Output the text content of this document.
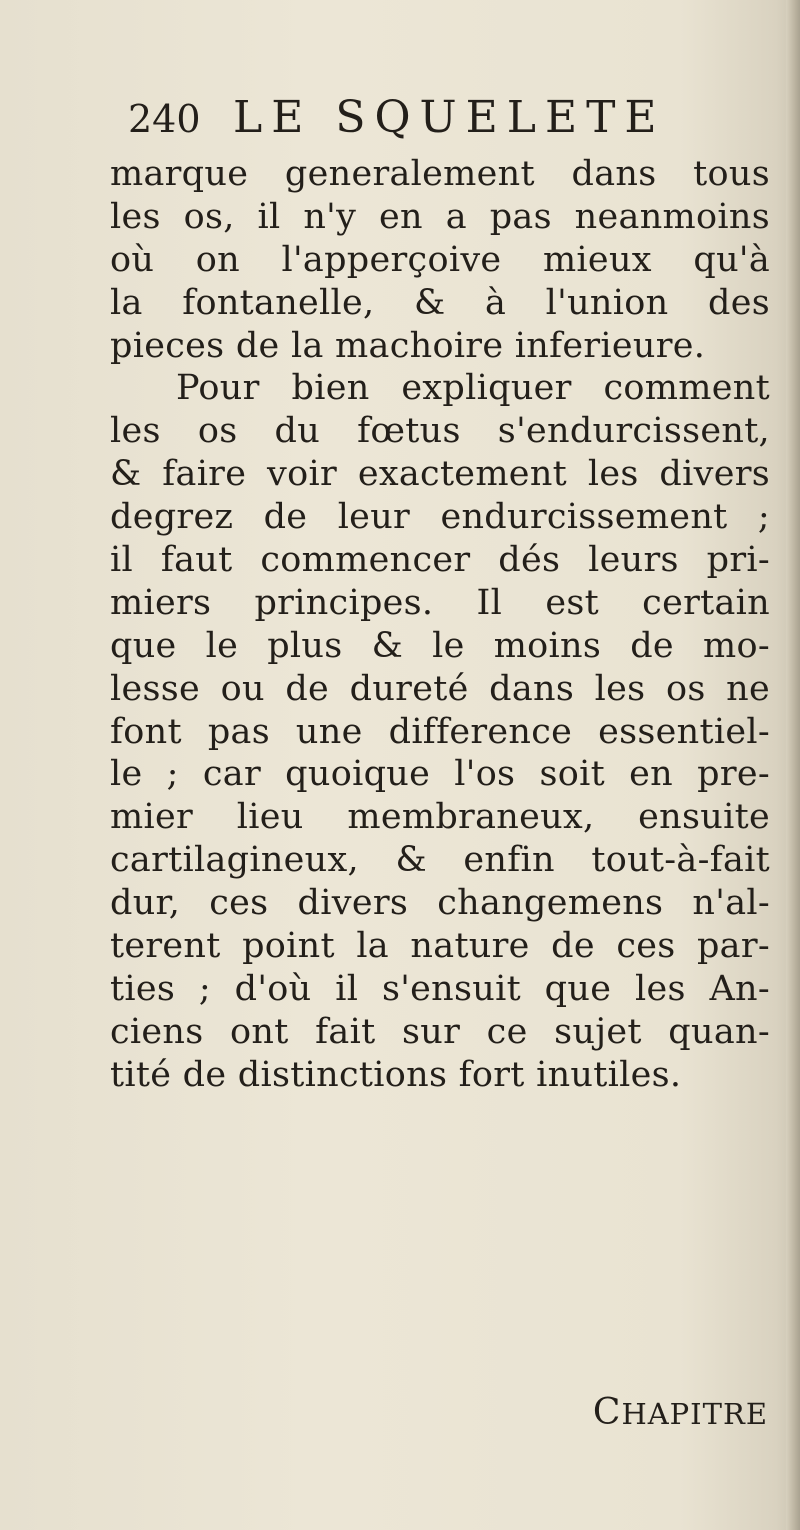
240 LE SQUELETE
marque generalement dans tous
les os, il n'y en a pas neanmoins
où on l'apperçoive mieux qu'à
la fontanelle, & à l'union des
pieces de la machoire inferieure.
Pour bien expliquer comment
les os du fœtus s'endurcissent,
& faire voir exactement les divers
degrez de leur endurcissement ;
il faut commencer dés leurs pri-
miers principes. Il est certain
que le plus & le moins de mo-
lesse ou de dureté dans les os ne
font pas une difference essentiel-
le ; car quoique l'os soit en pre-
mier lieu membraneux, ensuite
cartilagineux, & enfin tout-à-fait
dur, ces divers changemens n'al-
terent point la nature de ces par-
ties ; d'où il s'ensuit que les An-
ciens ont fait sur ce sujet quan-
tité de distinctions fort inutiles.
CHAPITRE
